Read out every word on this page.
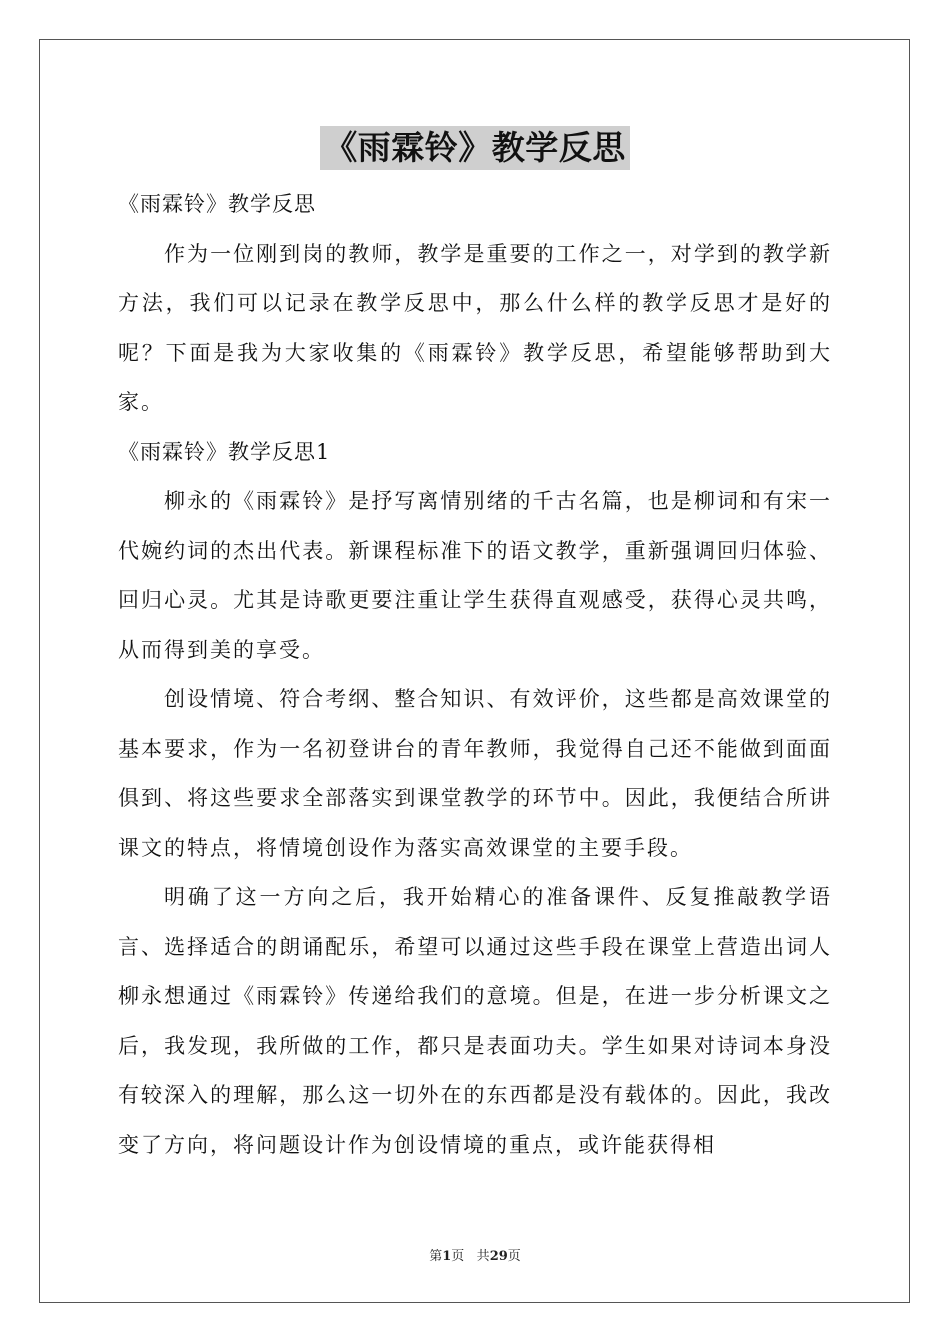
《雨霖铃》教学反思

《雨霖铃》教学反思

作为一位刚到岗的教师，教学是重要的工作之一，对学到的教学新方法，我们可以记录在教学反思中，那么什么样的教学反思才是好的呢？下面是我为大家收集的《雨霖铃》教学反思，希望能够帮助到大家。

《雨霖铃》教学反思1

柳永的《雨霖铃》是抒写离情别绪的千古名篇，也是柳词和有宋一代婉约词的杰出代表。新课程标准下的语文教学，重新强调回归体验、回归心灵。尤其是诗歌更要注重让学生获得直观感受，获得心灵共鸣，从而得到美的享受。

创设情境、符合考纲、整合知识、有效评价，这些都是高效课堂的基本要求，作为一名初登讲台的青年教师，我觉得自己还不能做到面面俱到、将这些要求全部落实到课堂教学的环节中。因此，我便结合所讲课文的特点，将情境创设作为落实高效课堂的主要手段。

明确了这一方向之后，我开始精心的准备课件、反复推敲教学语言、选择适合的朗诵配乐，希望可以通过这些手段在课堂上营造出词人柳永想通过《雨霖铃》传递给我们的意境。但是，在进一步分析课文之后，我发现，我所做的工作，都只是表面功夫。学生如果对诗词本身没有较深入的理解，那么这一切外在的东西都是没有载体的。因此，我改变了方向，将问题设计作为创设情境的重点，或许能获得相

第1页 共29页
